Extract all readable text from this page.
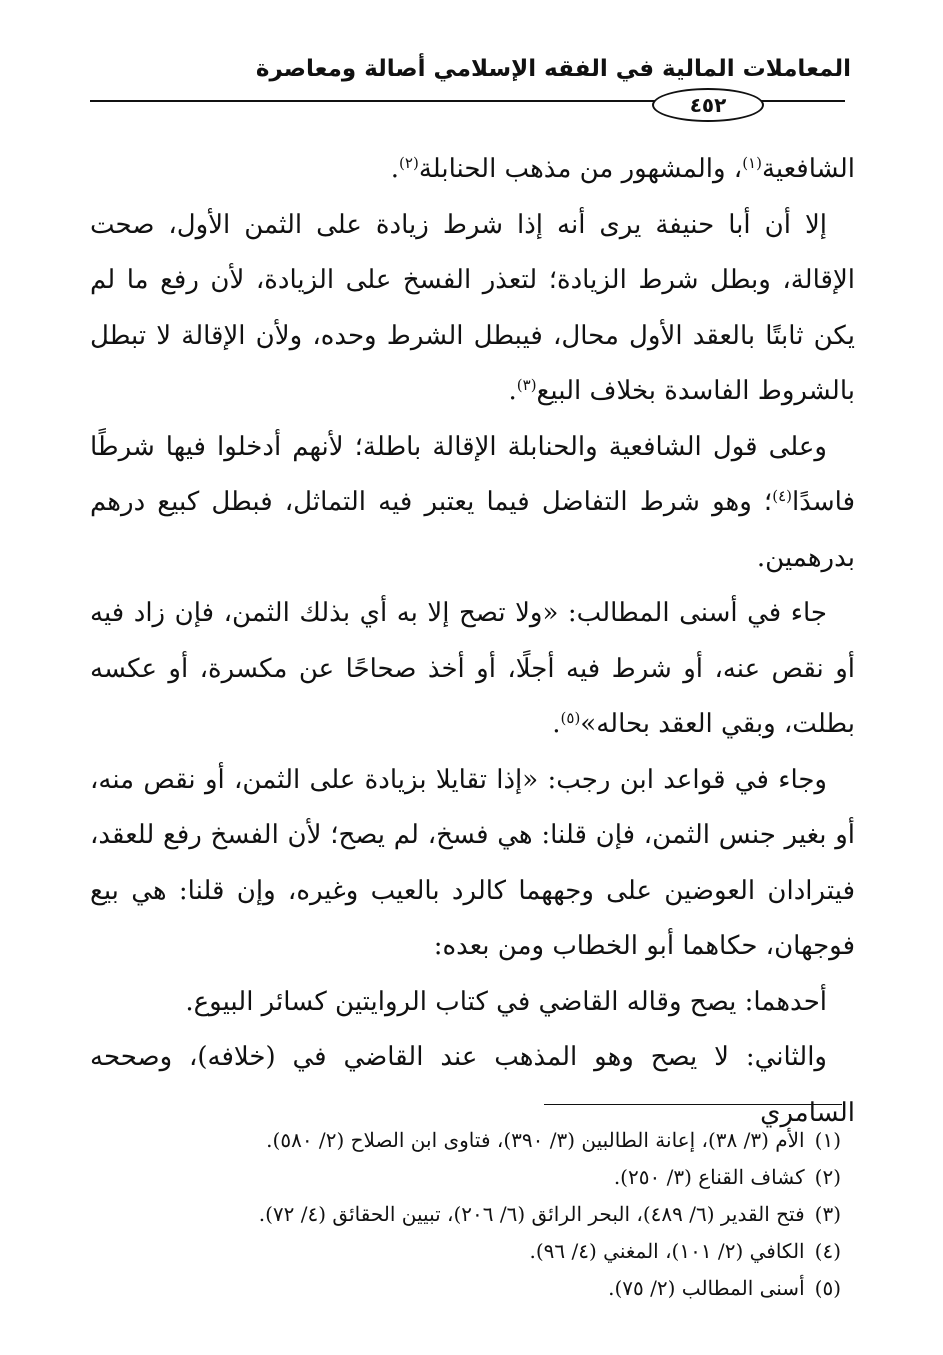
المعاملات المالية في الفقه الإسلامي أصالة ومعاصرة
٤٥٢

الشافعية$^{(١)}$، والمشهور من مذهب الحنابلة$^{(٢)}$.

إلا أن أبا حنيفة يرى أنه إذا شرط زيادة على الثمن الأول، صحت الإقالة، وبطل شرط الزيادة؛ لتعذر الفسخ على الزيادة، لأن رفع ما لم يكن ثابتًا بالعقد الأول محال، فيبطل الشرط وحده، ولأن الإقالة لا تبطل بالشروط الفاسدة بخلاف البيع$^{(٣)}$.

وعلى قول الشافعية والحنابلة الإقالة باطلة؛ لأنهم أدخلوا فيها شرطًا فاسدًا$^{(٤)}$؛ وهو شرط التفاضل فيما يعتبر فيه التماثل، فبطل كبيع درهم بدرهمين.

جاء في أسنى المطالب: «ولا تصح إلا به أي بذلك الثمن، فإن زاد فيه أو نقص عنه، أو شرط فيه أجلًا، أو أخذ صحاحًا عن مكسرة، أو عكسه بطلت، وبقي العقد بحاله»$^{(٥)}$.

وجاء في قواعد ابن رجب: «إذا تقايلا بزيادة على الثمن، أو نقص منه، أو بغير جنس الثمن، فإن قلنا: هي فسخ، لم يصح؛ لأن الفسخ رفع للعقد، فيترادان العوضين على وجههما كالرد بالعيب وغيره، وإن قلنا: هي بيع فوجهان، حكاهما أبو الخطاب ومن بعده:

أحدهما: يصح وقاله القاضي في كتاب الروايتين كسائر البيوع.

والثاني: لا يصح وهو المذهب عند القاضي في (خلافه)، وصححه السامري

(١)الأم (٣/ ٣٨)، إعانة الطالبين (٣/ ٣٩٠)، فتاوى ابن الصلاح (٢/ ٥٨٠).
(٢)كشاف القناع (٣/ ٢٥٠).
(٣)فتح القدير (٦/ ٤٨٩)، البحر الرائق (٦/ ٢٠٦)، تبيين الحقائق (٤/ ٧٢).
(٤)الكافي (٢/ ١٠١)، المغني (٤/ ٩٦).
(٥)أسنى المطالب (٢/ ٧٥).
